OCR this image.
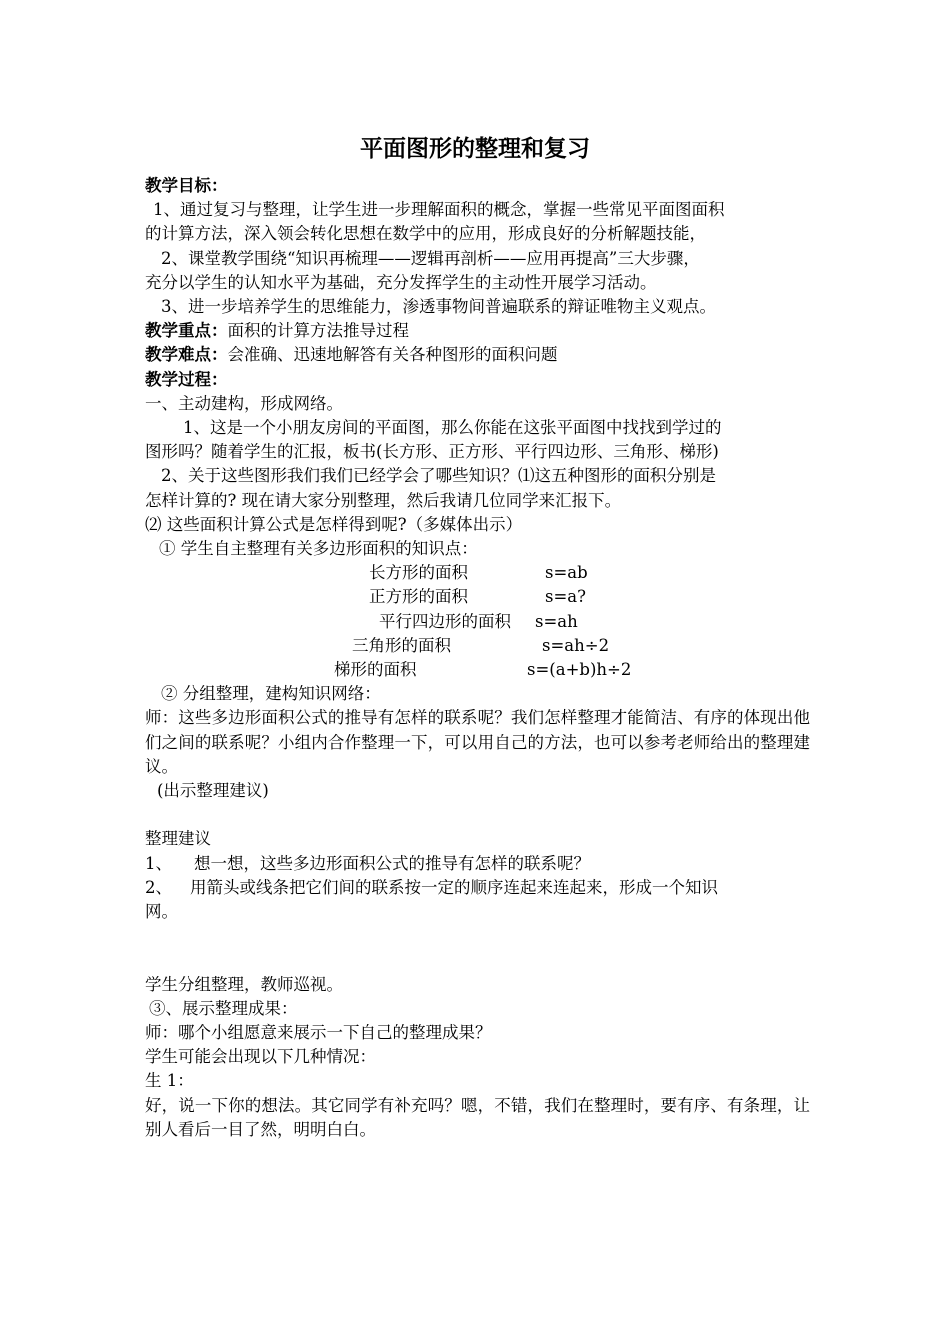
平面图形的整理和复习
教学目标：
1、通过复习与整理，让学生进一步理解面积的概念，掌握一些常见平面图面积
的计算方法，深入领会转化思想在数学中的应用，形成良好的分析解题技能，
2、课堂教学围绕“知识再梳理——逻辑再剖析——应用再提高”三大步骤，
充分以学生的认知水平为基础，充分发挥学生的主动性开展学习活动。
3、进一步培养学生的思维能力，渗透事物间普遍联系的辩证唯物主义观点。
教学重点：面积的计算方法推导过程
教学难点：会准确、迅速地解答有关各种图形的面积问题
教学过程：
一、主动建构，形成网络。
1、这是一个小朋友房间的平面图，那么你能在这张平面图中找找到学过的
图形吗？随着学生的汇报，板书(长方形、正方形、平行四边形、三角形、梯形)
2、关于这些图形我们我们已经学会了哪些知识？⑴这五种图形的面积分别是
怎样计算的? 现在请大家分别整理，然后我请几位同学来汇报下。
⑵ 这些面积计算公式是怎样得到呢?（多媒体出示）
① 学生自主整理有关多边形面积的知识点：
长方形的面积	s=ab
正方形的面积	s=a?
平行四边形的面积 s=ah
三角形的面积	s=ah÷2
梯形的面积	s=(a+b)h÷2
② 分组整理，建构知识网络：
师：这些多边形面积公式的推导有怎样的联系呢？我们怎样整理才能简洁、有序的体现出他们之间的联系呢？小组内合作整理一下，可以用自己的方法，也可以参考老师给出的整理建议。
(出示整理建议)
整理建议
1、 想一想，这些多边形面积公式的推导有怎样的联系呢？
2、 用箭头或线条把它们间的联系按一定的顺序连起来连起来，形成一个知识
网。
学生分组整理，教师巡视。
③、展示整理成果：
师：哪个小组愿意来展示一下自己的整理成果？
学生可能会出现以下几种情况：
生 1：
好，说一下你的想法。其它同学有补充吗？嗯，不错，我们在整理时，要有序、有条理，让别人看后一目了然，明明白白。
